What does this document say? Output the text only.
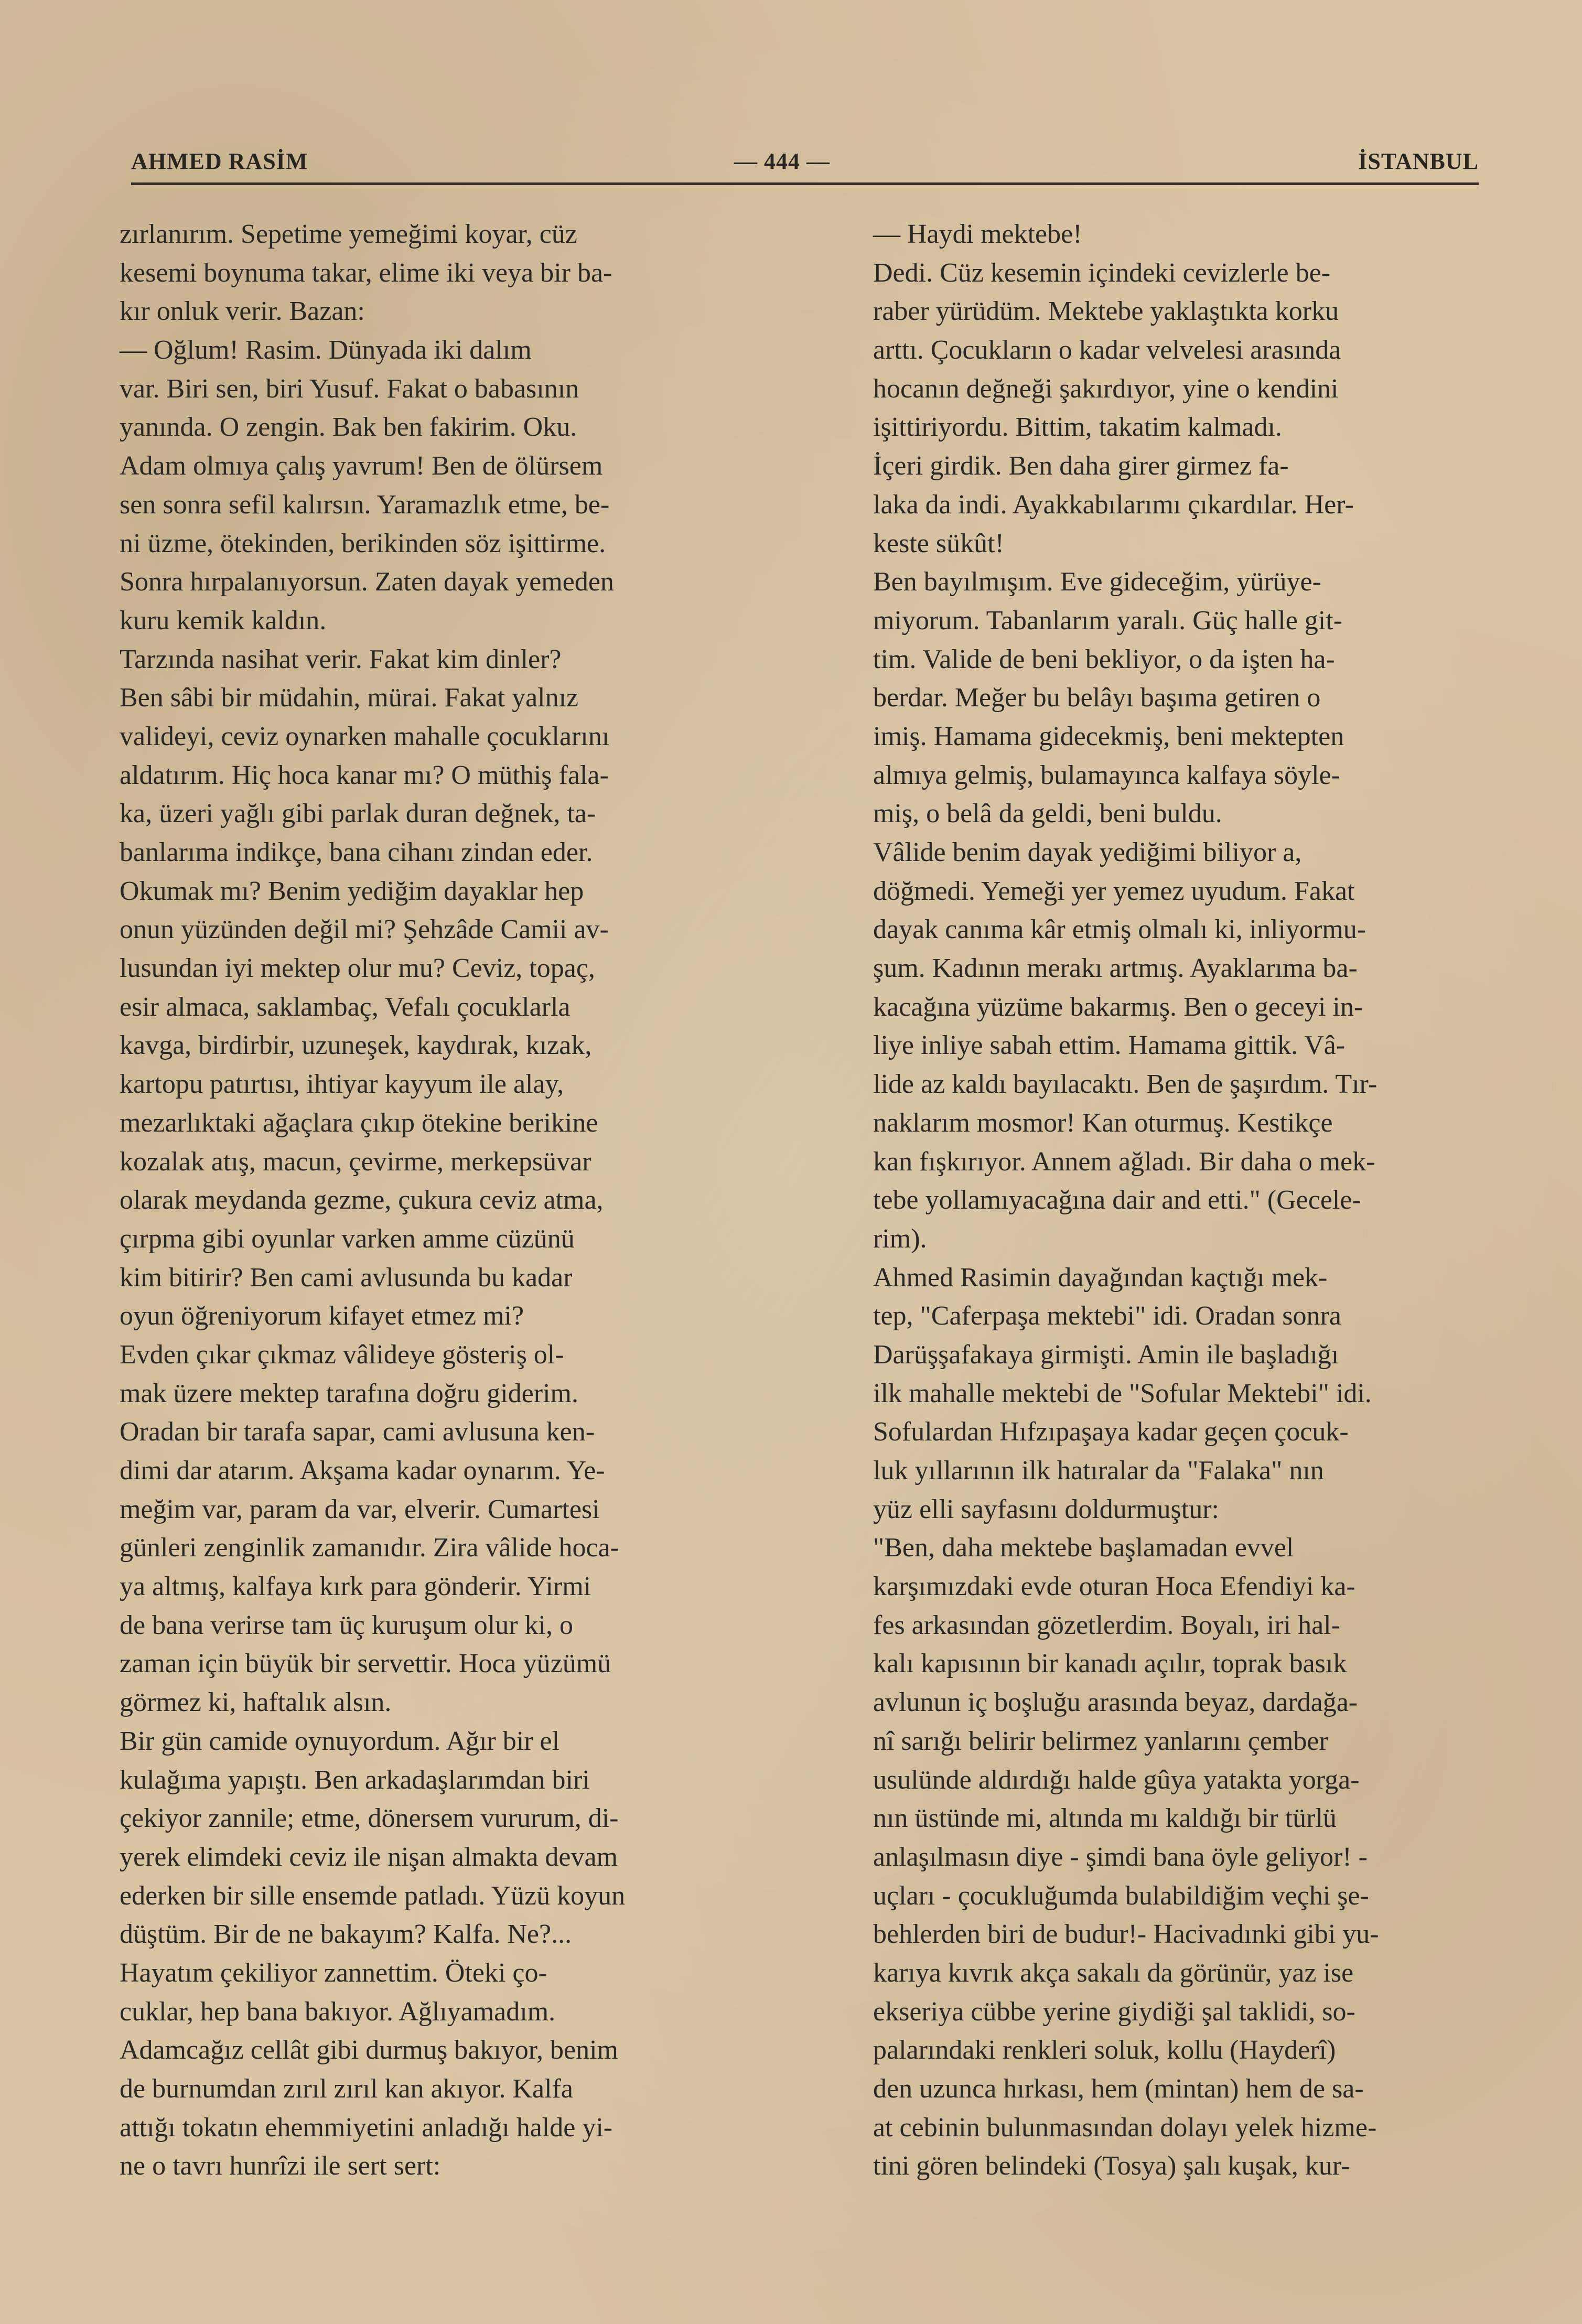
AHMED RASİM	— 444 —	İSTANBUL
zırlanırım. Sepetime yemeğimi koyar, cüz
kesemi boynuma takar, elime iki veya bir ba-
kır onluk verir. Bazan:
— Oğlum! Rasim. Dünyada iki dalım
var. Biri sen, biri Yusuf. Fakat o babasının
yanında. O zengin. Bak ben fakirim. Oku.
Adam olmıya çalış yavrum! Ben de ölürsem
sen sonra sefil kalırsın. Yaramazlık etme, be-
ni üzme, ötekinden, berikinden söz işittirme.
Sonra hırpalanıyorsun. Zaten dayak yemeden
kuru kemik kaldın.
Tarzında nasihat verir. Fakat kim dinler?
Ben sâbi bir müdahin, mürai. Fakat yalnız
valideyi, ceviz oynarken mahalle çocuklarını
aldatırım. Hiç hoca kanar mı? O müthiş fala-
ka, üzeri yağlı gibi parlak duran değnek, ta-
banlarıma indikçe, bana cihanı zindan eder.
Okumak mı? Benim yediğim dayaklar hep
onun yüzünden değil mi? Şehzâde Camii av-
lusundan iyi mektep olur mu? Ceviz, topaç,
esir almaca, saklambaç, Vefalı çocuklarla
kavga, birdirbir, uzuneşek, kaydırak, kızak,
kartopu patırtısı, ihtiyar kayyum ile alay,
mezarlıktaki ağaçlara çıkıp ötekine berikine
kozalak atış, macun, çevirme, merkepsüvar
olarak meydanda gezme, çukura ceviz atma,
çırpma gibi oyunlar varken amme cüzünü
kim bitirir? Ben cami avlusunda bu kadar
oyun öğreniyorum kifayet etmez mi?
Evden çıkar çıkmaz vâlideye gösteriş ol-
mak üzere mektep tarafına doğru giderim.
Oradan bir tarafa sapar, cami avlusuna ken-
dimi dar atarım. Akşama kadar oynarım. Ye-
meğim var, param da var, elverir. Cumartesi
günleri zenginlik zamanıdır. Zira vâlide hoca-
ya altmış, kalfaya kırk para gönderir. Yirmi
de bana verirse tam üç kuruşum olur ki, o
zaman için büyük bir servettir. Hoca yüzümü
görmez ki, haftalık alsın.
Bir gün camide oynuyordum. Ağır bir el
kulağıma yapıştı. Ben arkadaşlarımdan biri
çekiyor zannile; etme, dönersem vururum, di-
yerek elimdeki ceviz ile nişan almakta devam
ederken bir sille ensemde patladı. Yüzü koyun
düştüm. Bir de ne bakayım? Kalfa. Ne?...
Hayatım çekiliyor zannettim. Öteki ço-
cuklar, hep bana bakıyor. Ağlıyamadım.
Adamcağız cellât gibi durmuş bakıyor, benim
de burnumdan zırıl zırıl kan akıyor. Kalfa
attığı tokatın ehemmiyetini anladığı halde yi-
ne o tavrı hunrîzi ile sert sert:
— Haydi mektebe!
Dedi. Cüz kesemin içindeki cevizlerle be-
raber yürüdüm. Mektebe yaklaştıkta korku
arttı. Çocukların o kadar velvelesi arasında
hocanın değneği şakırdıyor, yine o kendini
işittiriyordu. Bittim, takatim kalmadı.
İçeri girdik. Ben daha girer girmez fa-
laka da indi. Ayakkabılarımı çıkardılar. Her-
keste sükût!
Ben bayılmışım. Eve gideceğim, yürüye-
miyorum. Tabanlarım yaralı. Güç halle git-
tim. Valide de beni bekliyor, o da işten ha-
berdar. Meğer bu belâyı başıma getiren o
imiş. Hamama gidecekmiş, beni mektepten
almıya gelmiş, bulamayınca kalfaya söyle-
miş, o belâ da geldi, beni buldu.
Vâlide benim dayak yediğimi biliyor a,
döğmedi. Yemeği yer yemez uyudum. Fakat
dayak canıma kâr etmiş olmalı ki, inliyormu-
şum. Kadının merakı artmış. Ayaklarıma ba-
kacağına yüzüme bakarmış. Ben o geceyi in-
liye inliye sabah ettim. Hamama gittik. Vâ-
lide az kaldı bayılacaktı. Ben de şaşırdım. Tır-
naklarım mosmor! Kan oturmuş. Kestikçe
kan fışkırıyor. Annem ağladı. Bir daha o mek-
tebe yollamıyacağına dair and etti." (Gecele-
rim).
Ahmed Rasimin dayağından kaçtığı mek-
tep, "Caferpaşa mektebi" idi. Oradan sonra
Darüşşafakaya girmişti. Amin ile başladığı
ilk mahalle mektebi de "Sofular Mektebi" idi.
Sofulardan Hıfzıpaşaya kadar geçen çocuk-
luk yıllarının ilk hatıralar da "Falaka" nın
yüz elli sayfasını doldurmuştur:
"Ben, daha mektebe başlamadan evvel
karşımızdaki evde oturan Hoca Efendiyi ka-
fes arkasından gözetlerdim. Boyalı, iri hal-
kalı kapısının bir kanadı açılır, toprak basık
avlunun iç boşluğu arasında beyaz, dardağa-
nî sarığı belirir belirmez yanlarını çember
usulünde aldırdığı halde gûya yatakta yorga-
nın üstünde mi, altında mı kaldığı bir türlü
anlaşılmasın diye - şimdi bana öyle geliyor! -
uçları - çocukluğumda bulabildiğim veçhi şe-
behlerden biri de budur!- Hacivadınki gibi yu-
karıya kıvrık akça sakalı da görünür, yaz ise
ekseriya cübbe yerine giydiği şal taklidi, so-
palarındaki renkleri soluk, kollu (Hayderî)
den uzunca hırkası, hem (mintan) hem de sa-
at cebinin bulunmasından dolayı yelek hizme-
tini gören belindeki (Tosya) şalı kuşak, kur-
